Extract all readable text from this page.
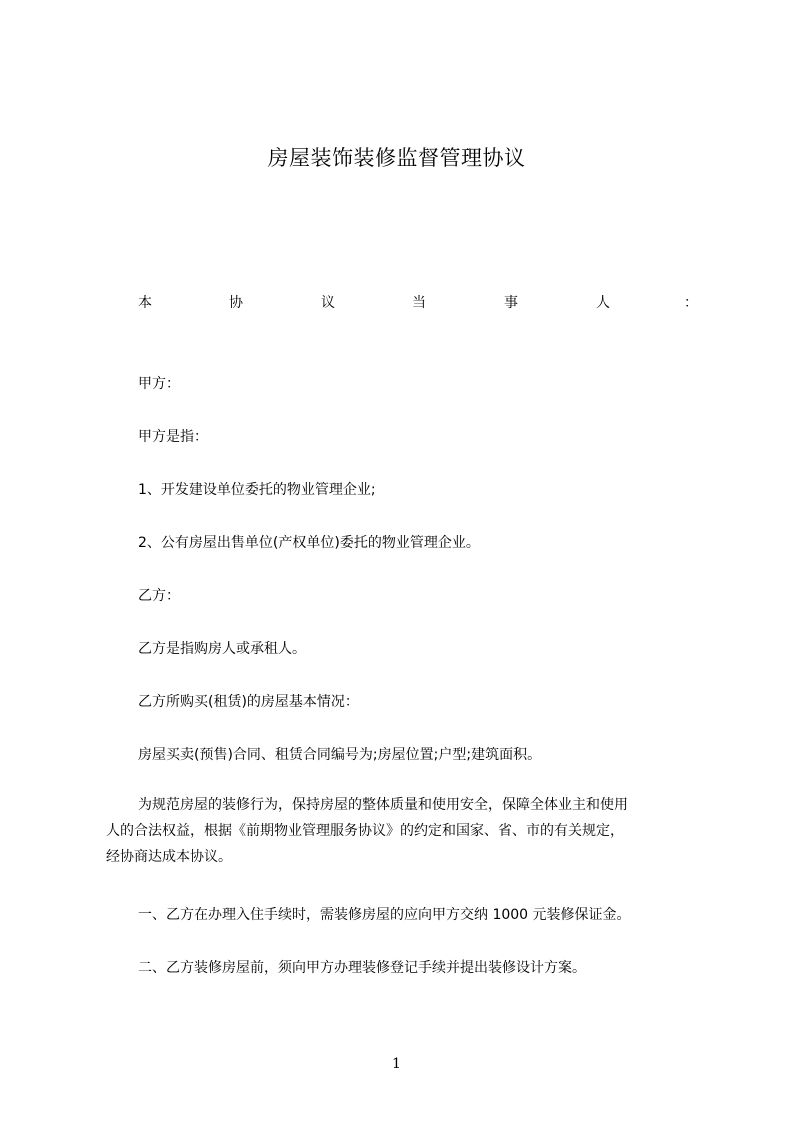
房屋装饰装修监督管理协议
本	协	议	当	事	人	：
甲方：
甲方是指：
1、开发建设单位委托的物业管理企业;
2、公有房屋出售单位(产权单位)委托的物业管理企业。
乙方：
乙方是指购房人或承租人。
乙方所购买(租赁)的房屋基本情况：
房屋买卖(预售)合同、租赁合同编号为;房屋位置;户型;建筑面积。
　为规范房屋的装修行为，保持房屋的整体质量和使用安全，保障全体业主和使用
人的合法权益，根据《前期物业管理服务协议》的约定和国家、省、市的有关规定，
经协商达成本协议。
一、乙方在办理入住手续时，需装修房屋的应向甲方交纳 1000 元装修保证金。
二、乙方装修房屋前，须向甲方办理装修登记手续并提出装修设计方案。
1
